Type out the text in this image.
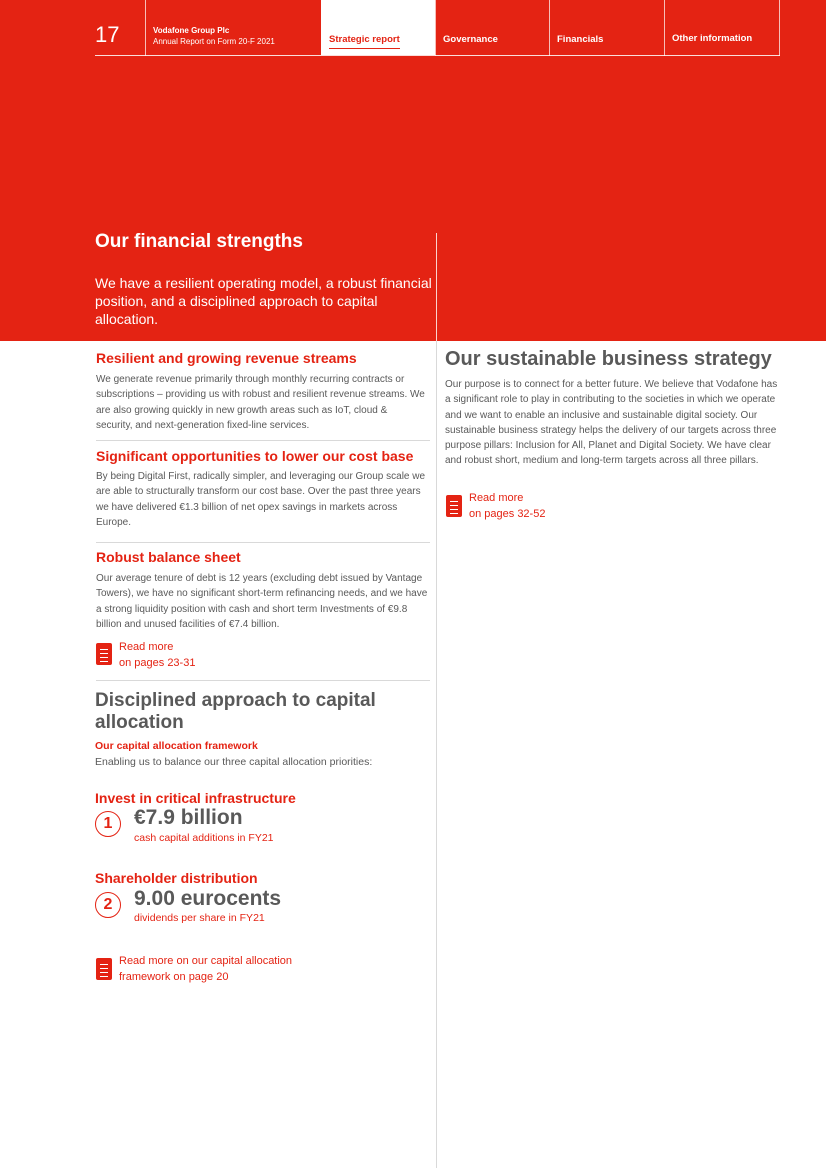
17	Vodafone Group Plc
Annual Report on Form 20-F 2021	Strategic report	Governance	Financials	Other information
Our financial strengths
We have a resilient operating model, a robust financial position, and a disciplined approach to capital allocation.
Resilient and growing revenue streams
We generate revenue primarily through monthly recurring contracts or subscriptions – providing us with robust and resilient revenue streams. We are also growing quickly in new growth areas such as IoT, cloud & security, and next-generation fixed-line services.
Significant opportunities to lower our cost base
By being Digital First, radically simpler, and leveraging our Group scale we are able to structurally transform our cost base. Over the past three years we have delivered €1.3 billion of net opex savings in markets across Europe.
Robust balance sheet
Our average tenure of debt is 12 years (excluding debt issued by Vantage Towers), we have no significant short-term refinancing needs, and we have a strong liquidity position with cash and short term Investments of €9.8 billion and unused facilities of €7.4 billion.
Read more
on pages 23-31
Disciplined approach to capital
allocation
Our capital allocation framework
Enabling us to balance our three capital allocation priorities:
Invest in critical infrastructure
1	€7.9 billion
cash capital additions in FY21
Shareholder distribution
2	9.00 eurocents
dividends per share in FY21
Read more on our capital allocation
framework on page 20
Our sustainable business strategy
Our purpose is to connect for a better future. We believe that Vodafone has a significant role to play in contributing to the societies in which we operate and we want to enable an inclusive and sustainable digital society. Our sustainable business strategy helps the delivery of our targets across three purpose pillars: Inclusion for All, Planet and Digital Society. We have clear and robust short, medium and long-term targets across all three pillars.
Read more
on pages 32-52
